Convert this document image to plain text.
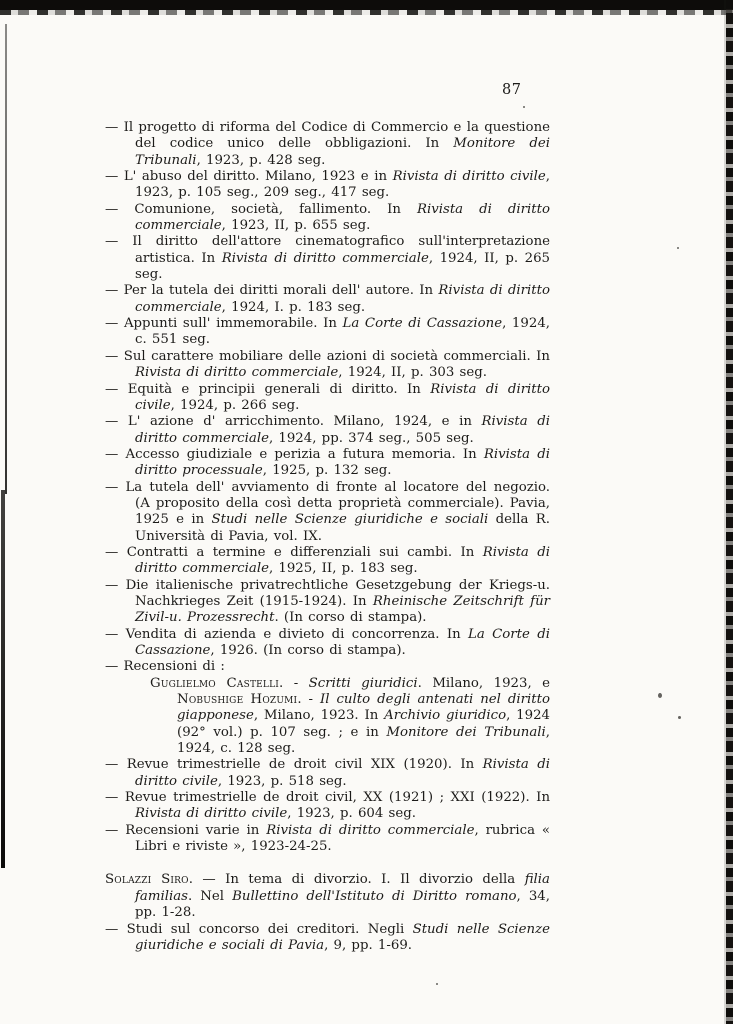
87

— Il progetto di riforma del Codice di Commercio e la questione del codice unico delle obbligazioni. In Monitore dei Tribunali, 1923, p. 428 seg.

— L' abuso del diritto. Milano, 1923 e in Rivista di diritto civile, 1923, p. 105 seg., 209 seg., 417 seg.

— Comunione, società, fallimento. In Rivista di diritto commerciale, 1923, II, p. 655 seg.

— Il diritto dell'attore cinematografico sull'interpretazione artistica. In Rivista di diritto commerciale, 1924, II, p. 265 seg.

— Per la tutela dei diritti morali dell' autore. In Rivista di diritto commerciale, 1924, I. p. 183 seg.

— Appunti sull' immemorabile. In La Corte di Cassazione, 1924, c. 551 seg.

— Sul carattere mobiliare delle azioni di società commerciali. In Rivista di diritto commerciale, 1924, II, p. 303 seg.

— Equità e principii generali di diritto. In Rivista di diritto civile, 1924, p. 266 seg.

— L' azione d' arricchimento. Milano, 1924, e in Rivista di diritto commerciale, 1924, pp. 374 seg., 505 seg.

— Accesso giudiziale e perizia a futura memoria. In Rivista di diritto processuale, 1925, p. 132 seg.

— La tutela dell' avviamento di fronte al locatore del negozio. (A proposito della così detta proprietà commerciale). Pavia, 1925 e in Studi nelle Scienze giuridiche e sociali della R. Università di Pavia, vol. IX.

— Contratti a termine e differenziali sui cambi. In Rivista di diritto commerciale, 1925, II, p. 183 seg.

— Die italienische privatrechtliche Gesetzgebung der Kriegs-u. Nachkrieges Zeit (1915-1924). In Rheinische Zeitschrift für Zivil-u. Prozessrecht. (In corso di stampa).

— Vendita di azienda e divieto di concorrenza. In La Corte di Cassazione, 1926. (In corso di stampa).

— Recensioni di :

Guglielmo Castelli. - Scritti giuridici. Milano, 1923, e Nobushige Hozumi. - Il culto degli antenati nel diritto giapponese, Milano, 1923. In Archivio giuridico, 1924 (92° vol.) p. 107 seg. ; e in Monitore dei Tribunali, 1924, c. 128 seg.

— Revue trimestrielle de droit civil XIX (1920). In Rivista di diritto civile, 1923, p. 518 seg.

— Revue trimestrielle de droit civil, XX (1921) ; XXI (1922). In Rivista di diritto civile, 1923, p. 604 seg.

— Recensioni varie in Rivista di diritto commerciale, rubrica « Libri e riviste », 1923-24-25.

Solazzi Siro. — In tema di divorzio. I. Il divorzio della filia familias. Nel Bullettino dell'Istituto di Diritto romano, 34, pp. 1-28.

— Studi sul concorso dei creditori. Negli Studi nelle Scienze giuridiche e sociali di Pavia, 9, pp. 1-69.
